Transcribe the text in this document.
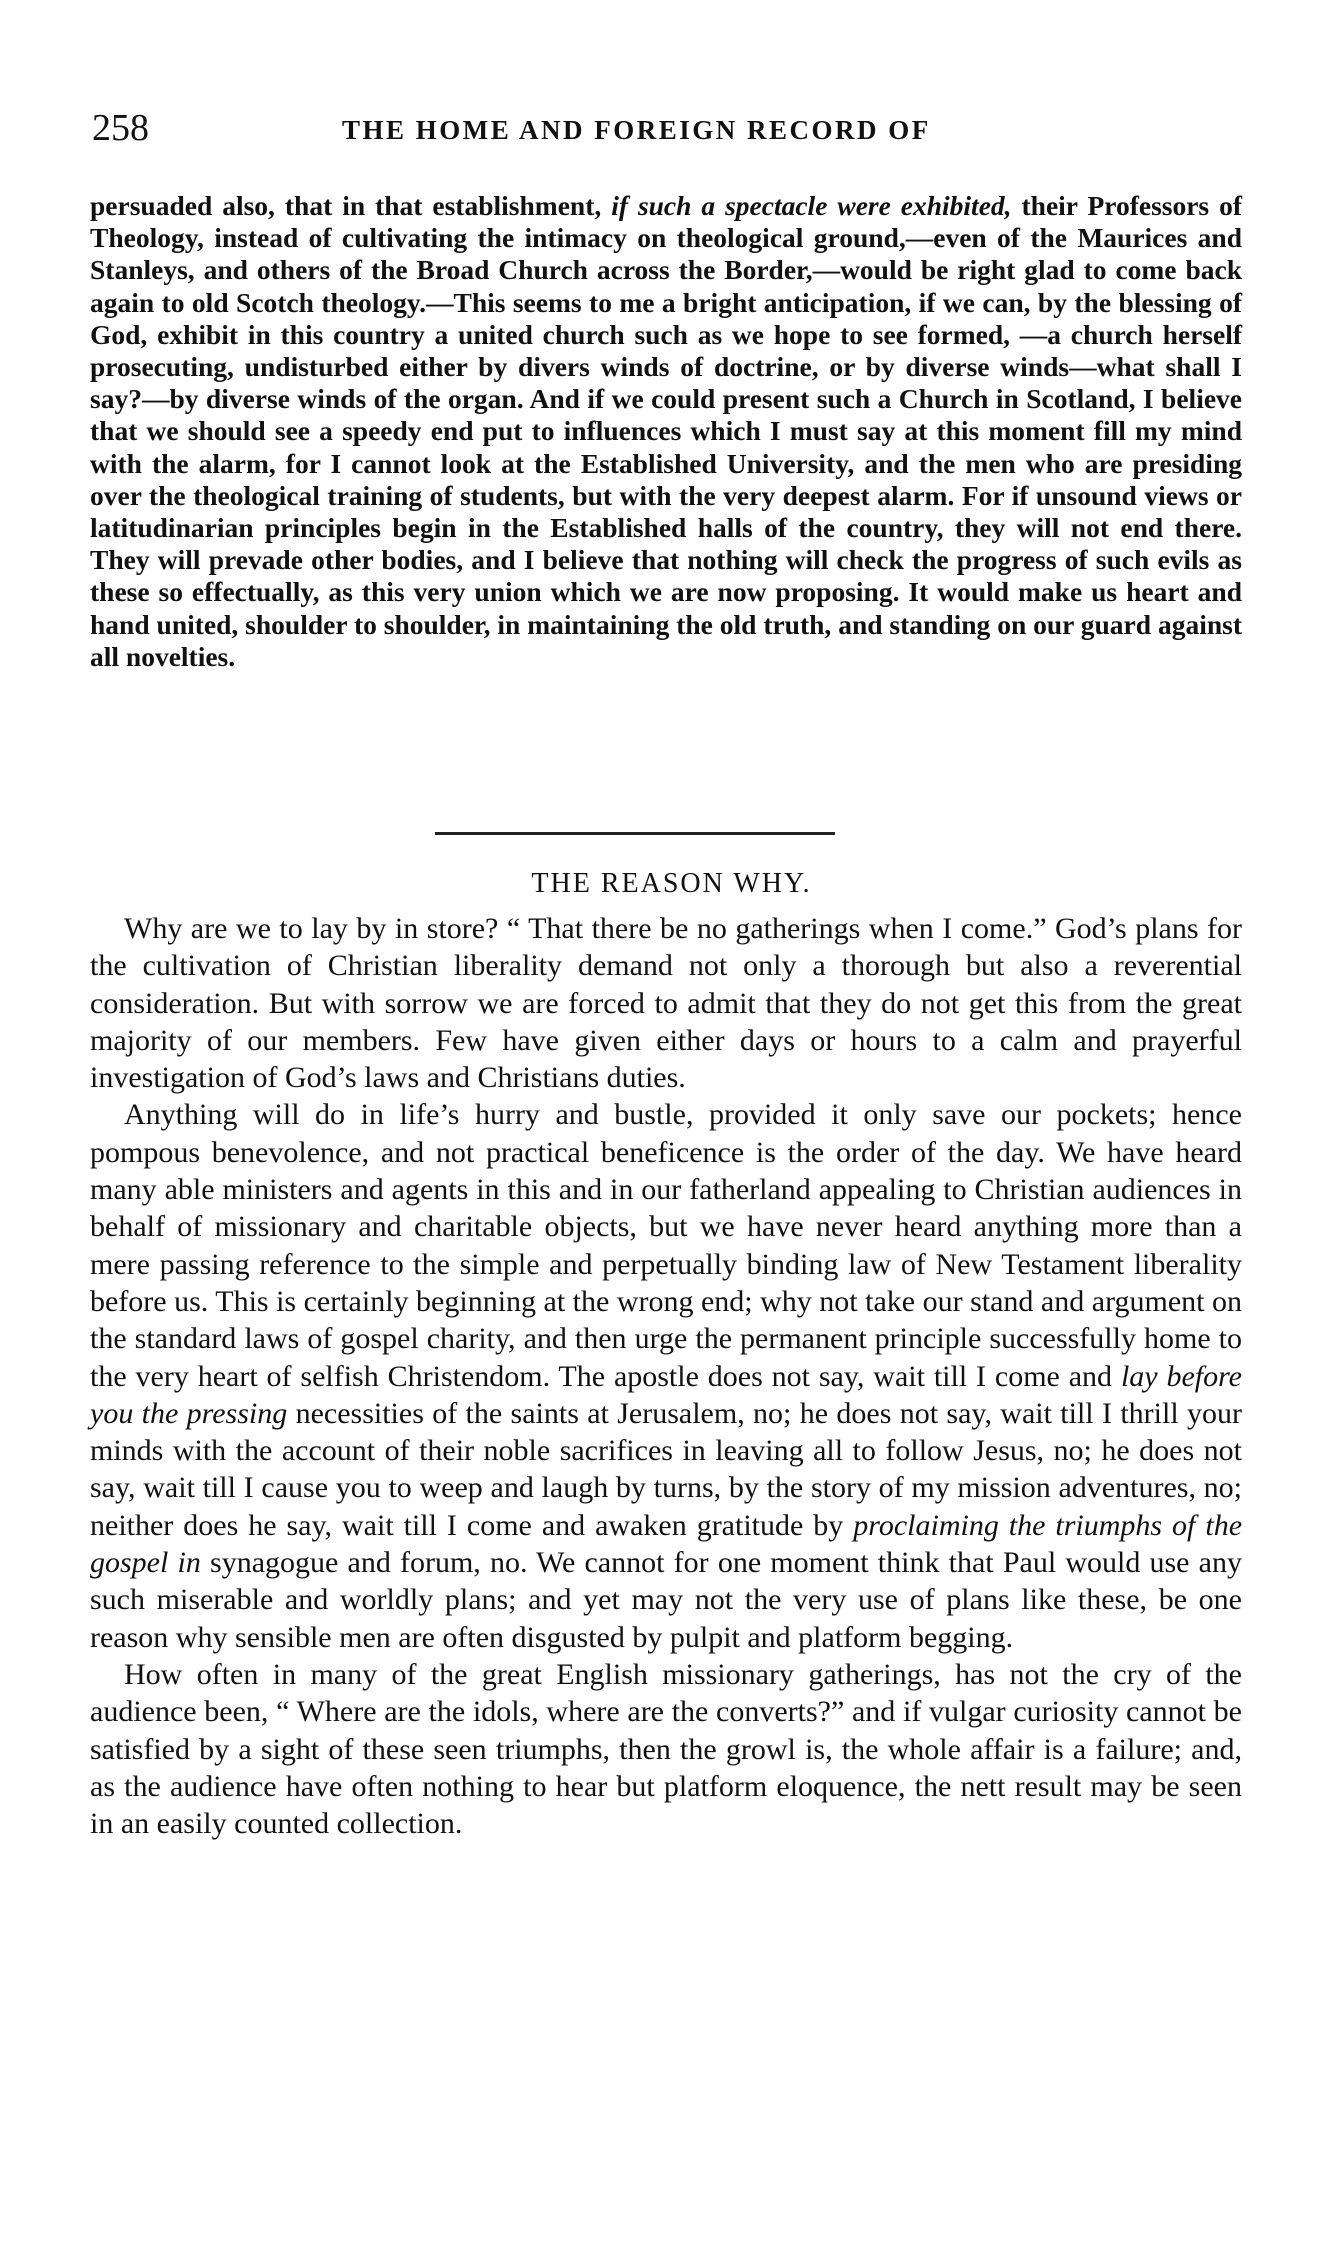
258	THE HOME AND FOREIGN RECORD OF

persuaded also, that in that establishment, if such a spectacle were exhibited, their Professors of Theology, instead of cultivating the intimacy on theological ground,—even of the Maurices and Stanleys, and others of the Broad Church across the Border,—would be right glad to come back again to old Scotch theology.—This seems to me a bright anticipation, if we can, by the blessing of God, exhibit in this country a united church such as we hope to see formed, —a church herself prosecuting, undisturbed either by divers winds of doctrine, or by diverse winds—what shall I say?—by diverse winds of the organ. And if we could present such a Church in Scotland, I believe that we should see a speedy end put to influences which I must say at this moment fill my mind with the alarm, for I cannot look at the Established University, and the men who are presiding over the theological training of students, but with the very deepest alarm. For if unsound views or latitudinarian principles begin in the Established halls of the country, they will not end there. They will prevade other bodies, and I believe that nothing will check the progress of such evils as these so effectually, as this very union which we are now proposing. It would make us heart and hand united, shoulder to shoulder, in maintaining the old truth, and standing on our guard against all novelties.

THE REASON WHY.

Why are we to lay by in store? “ That there be no gatherings when I come.” God’s plans for the cultivation of Christian liberality demand not only a thorough but also a reverential consideration. But with sorrow we are forced to admit that they do not get this from the great majority of our members. Few have given either days or hours to a calm and prayerful investigation of God’s laws and Christians duties.

Anything will do in life’s hurry and bustle, provided it only save our pockets; hence pompous benevolence, and not practical beneficence is the order of the day. We have heard many able ministers and agents in this and in our fatherland appealing to Christian audiences in behalf of missionary and charitable objects, but we have never heard anything more than a mere passing reference to the simple and perpetually binding law of New Testament liberality before us. This is certainly beginning at the wrong end; why not take our stand and argument on the standard laws of gospel charity, and then urge the permanent principle successfully home to the very heart of selfish Christendom. The apostle does not say, wait till I come and lay before you the pressing necessities of the saints at Jerusalem, no; he does not say, wait till I thrill your minds with the account of their noble sacrifices in leaving all to follow Jesus, no; he does not say, wait till I cause you to weep and laugh by turns, by the story of my mission adventures, no; neither does he say, wait till I come and awaken gratitude by proclaiming the triumphs of the gospel in synagogue and forum, no. We cannot for one moment think that Paul would use any such miserable and worldly plans; and yet may not the very use of plans like these, be one reason why sensible men are often disgusted by pulpit and platform begging.

How often in many of the great English missionary gatherings, has not the cry of the audience been, “ Where are the idols, where are the converts?” and if vulgar curiosity cannot be satisfied by a sight of these seen triumphs, then the growl is, the whole affair is a failure; and, as the audience have often nothing to hear but platform eloquence, the nett result may be seen in an easily counted collection.
